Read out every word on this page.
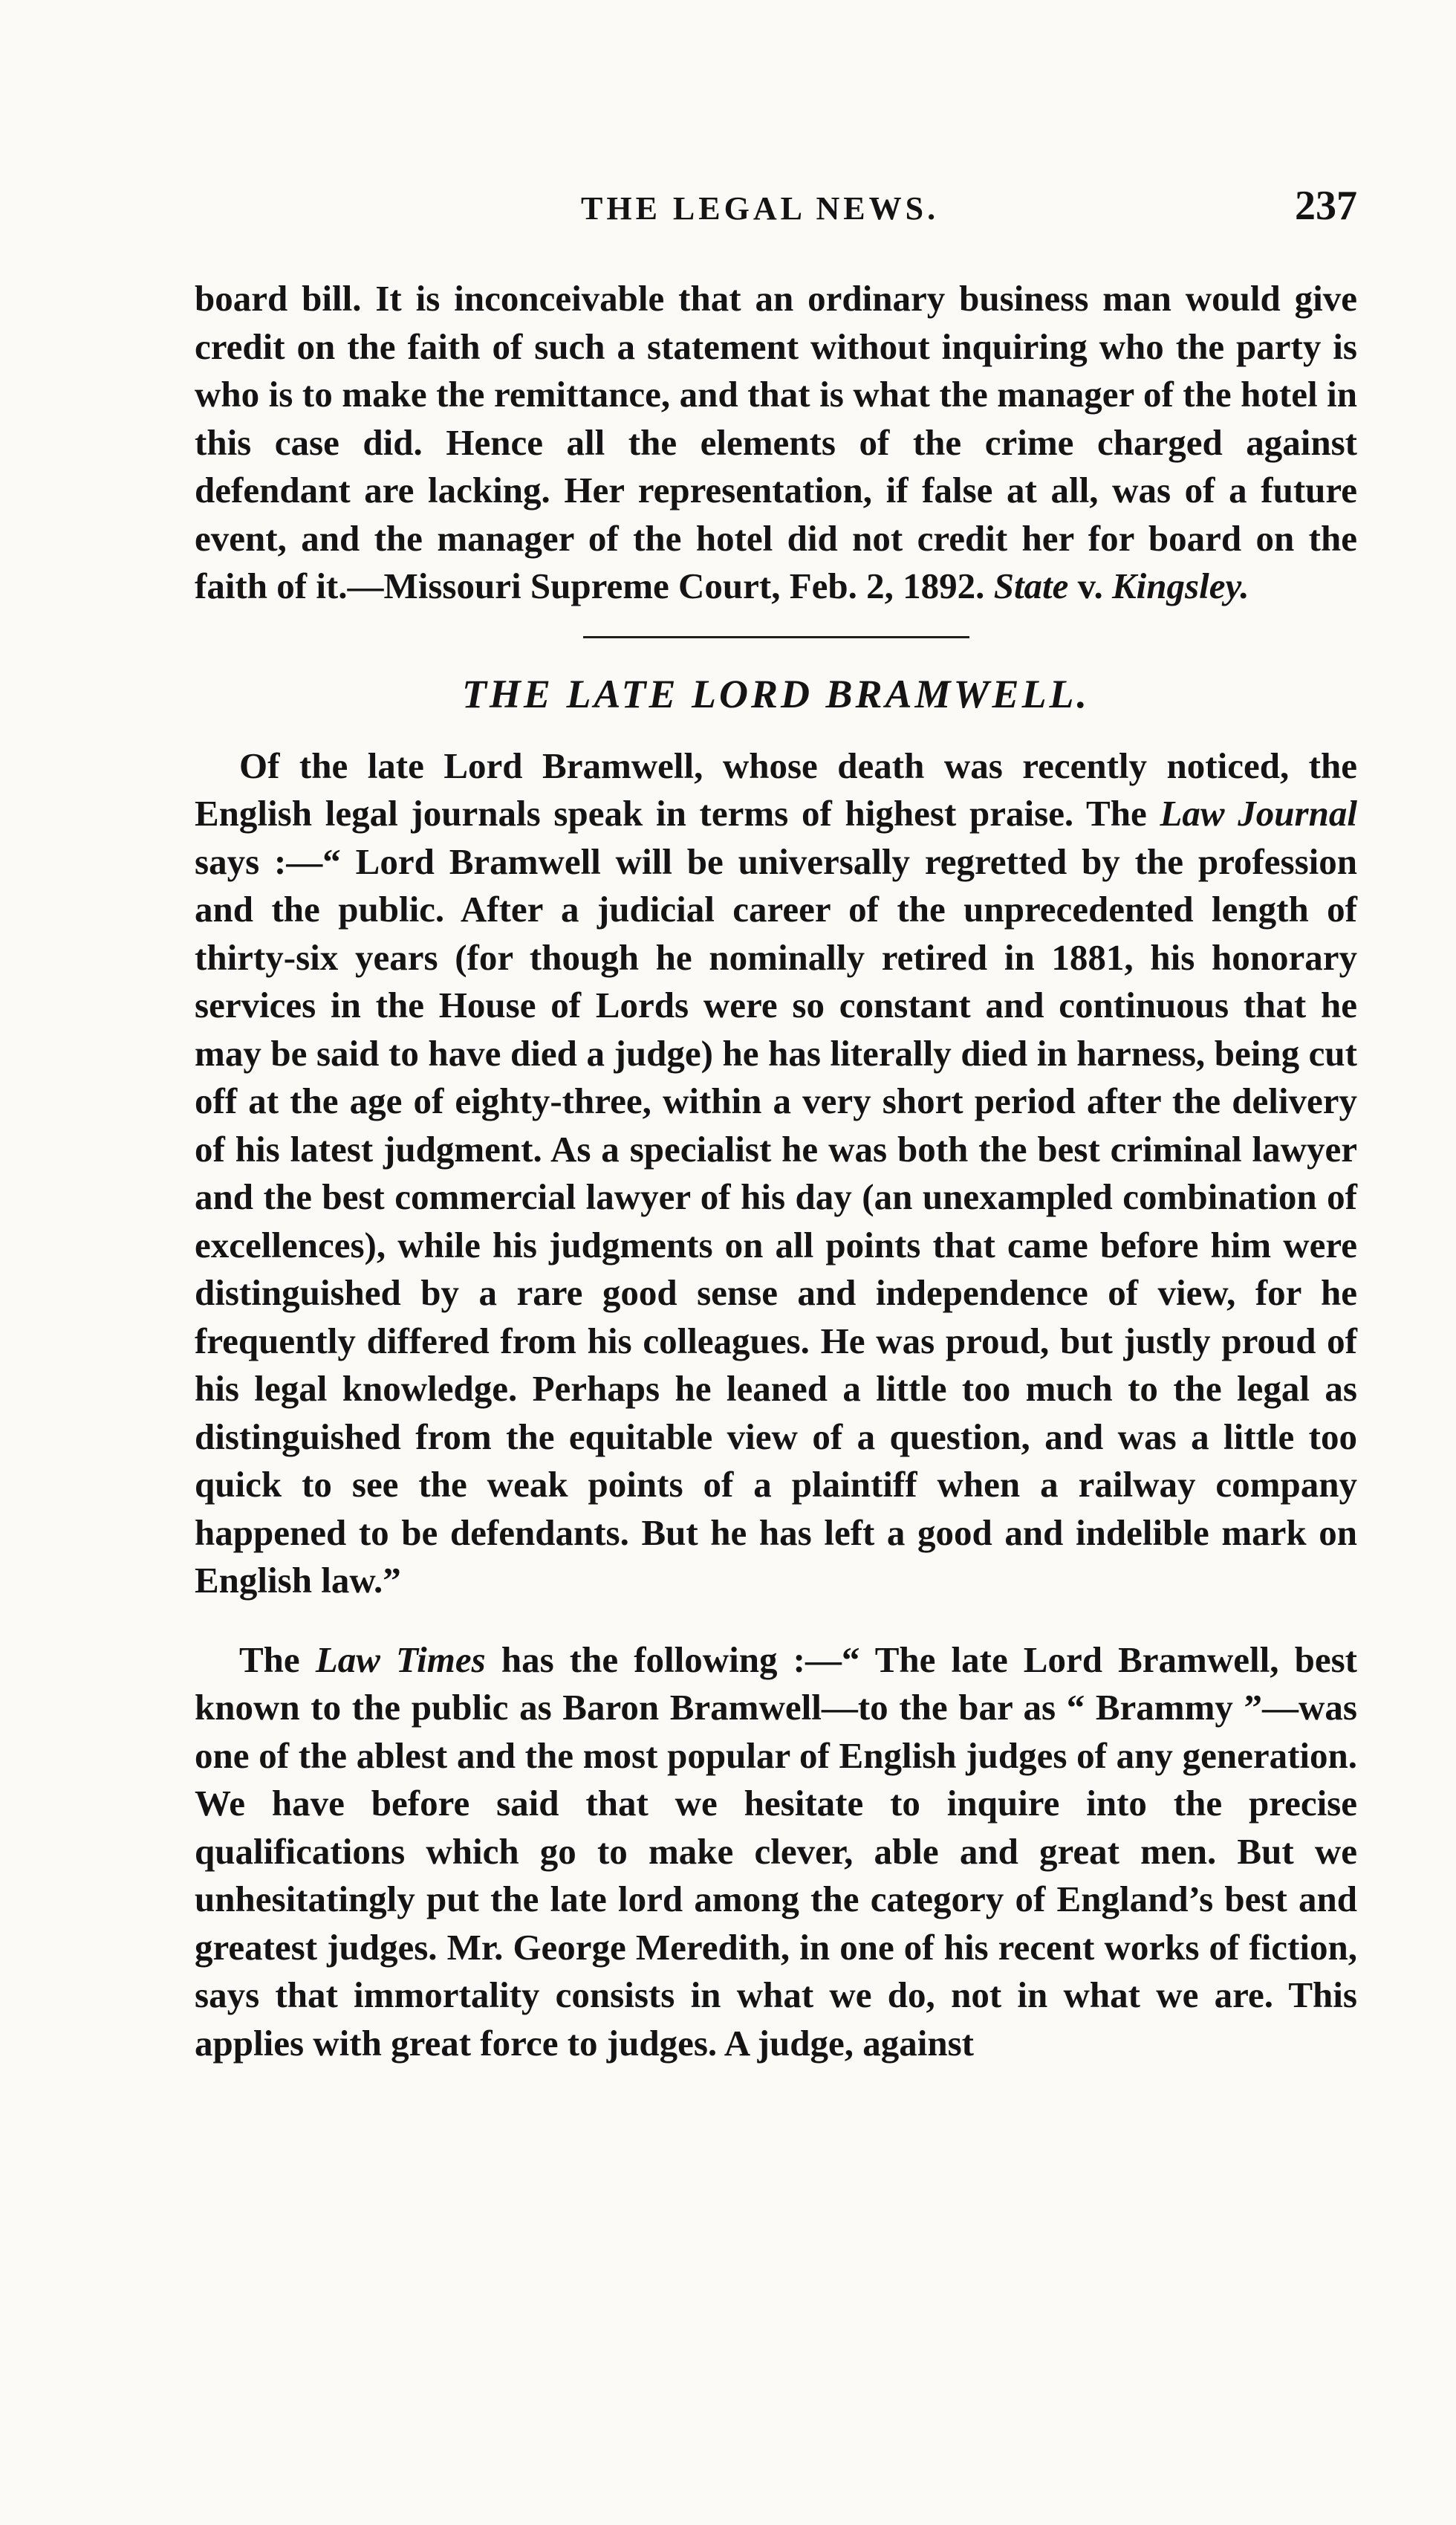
THE LEGAL NEWS.	237

board bill. It is inconceivable that an ordinary business man would give credit on the faith of such a statement without inquiring who the party is who is to make the remittance, and that is what the manager of the hotel in this case did. Hence all the elements of the crime charged against defendant are lacking. Her representation, if false at all, was of a future event, and the manager of the hotel did not credit her for board on the faith of it.—Missouri Supreme Court, Feb. 2, 1892. State v. Kingsley.

THE LATE LORD BRAMWELL.

Of the late Lord Bramwell, whose death was recently noticed, the English legal journals speak in terms of highest praise. The Law Journal says :—“ Lord Bramwell will be universally regretted by the profession and the public. After a judicial career of the unprecedented length of thirty-six years (for though he nominally retired in 1881, his honorary services in the House of Lords were so constant and continuous that he may be said to have died a judge) he has literally died in harness, being cut off at the age of eighty-three, within a very short period after the delivery of his latest judgment. As a specialist he was both the best criminal lawyer and the best commercial lawyer of his day (an unexampled combination of excellences), while his judgments on all points that came before him were distinguished by a rare good sense and independence of view, for he frequently differed from his colleagues. He was proud, but justly proud of his legal knowledge. Perhaps he leaned a little too much to the legal as distinguished from the equitable view of a question, and was a little too quick to see the weak points of a plaintiff when a railway company happened to be defendants. But he has left a good and indelible mark on English law.”

The Law Times has the following :—“ The late Lord Bramwell, best known to the public as Baron Bramwell—to the bar as “ Brammy ”—was one of the ablest and the most popular of English judges of any generation. We have before said that we hesitate to inquire into the precise qualifications which go to make clever, able and great men. But we unhesitatingly put the late lord among the category of England’s best and greatest judges. Mr. George Meredith, in one of his recent works of fiction, says that immortality consists in what we do, not in what we are. This applies with great force to judges. A judge, against
